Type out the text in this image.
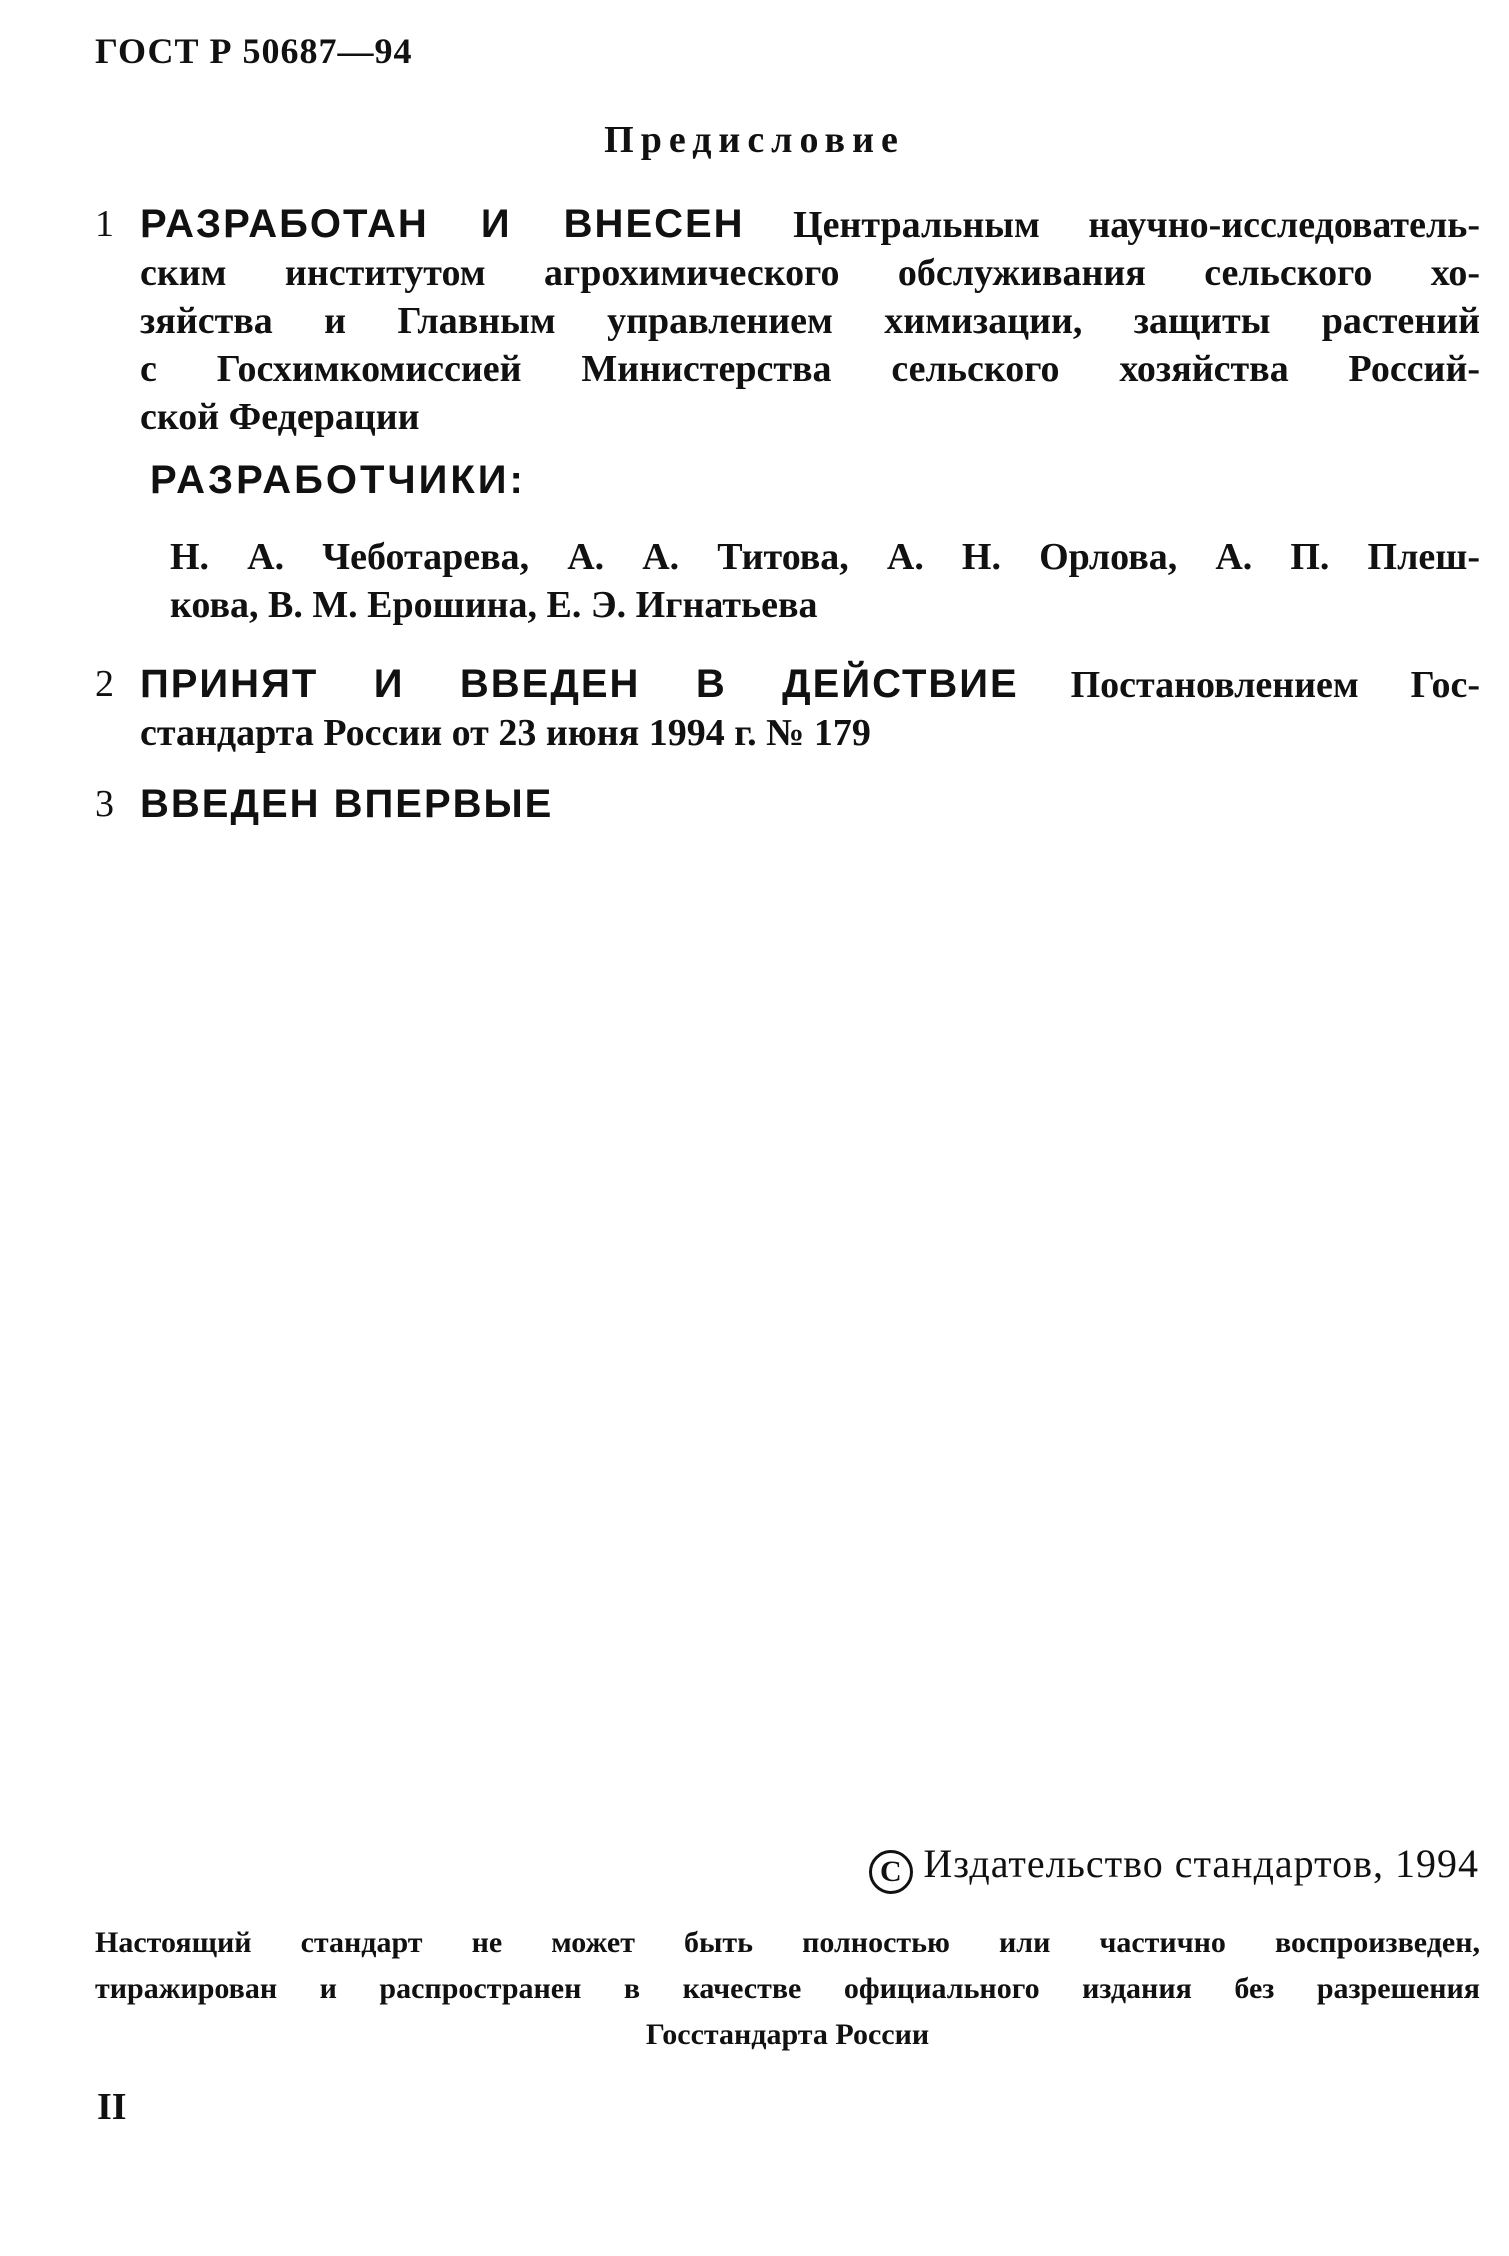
ГОСТ Р 50687—94
Предисловие
1 РАЗРАБОТАН И ВНЕСЕН Центральным научно-исследователь-
ским институтом агрохимического обслуживания сельского хо-
зяйства и Главным управлением химизации, защиты растений
с Госхимкомиссией Министерства сельского хозяйства Россий-
ской Федерации
РАЗРАБОТЧИКИ:
Н. А. Чеботарева, А. А. Титова, А. Н. Орлова, А. П. Плеш-
кова, В. М. Ерошина, Е. Э. Игнатьева
2 ПРИНЯТ И ВВЕДЕН В ДЕЙСТВИЕ Постановлением Гос-
стандарта России от 23 июня 1994 г. № 179
3 ВВЕДЕН ВПЕРВЫЕ
C Издательство стандартов, 1994
Настоящий стандарт не может быть полностью или частично воспроизведен,
тиражирован и распространен в качестве официального издания без разрешения
Госстандарта России
II
